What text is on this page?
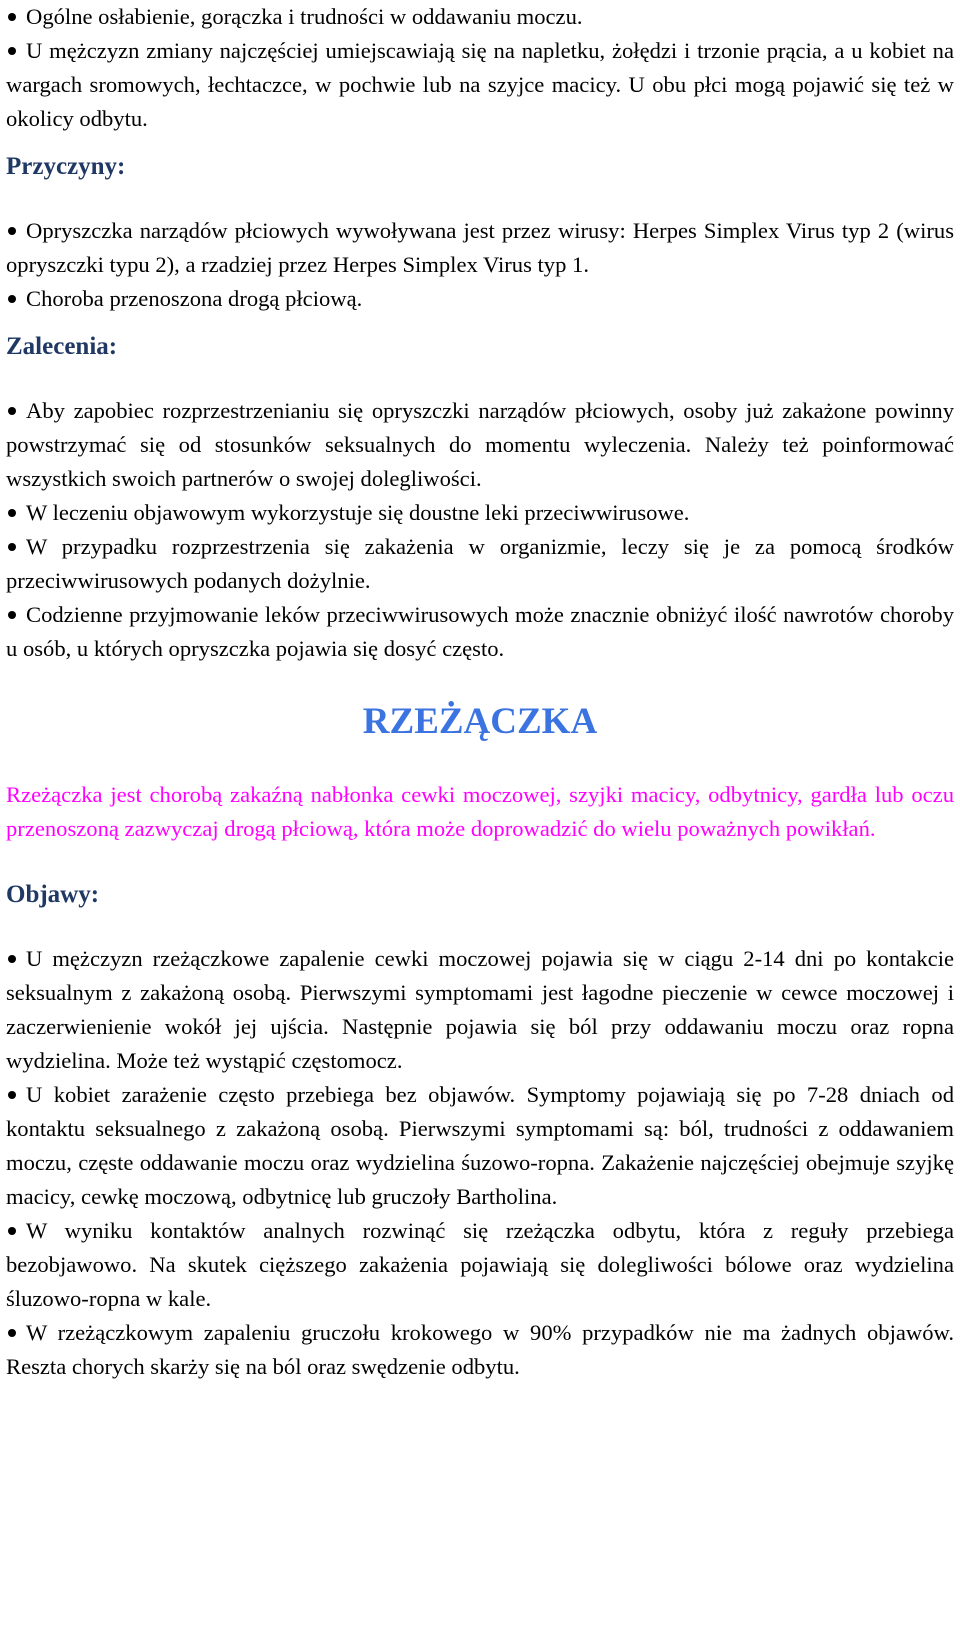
Ogólne osłabienie, gorączka i trudności w oddawaniu moczu.

U mężczyzn zmiany najczęściej umiejscawiają się na napletku, żołędzi i trzonie prącia, a u kobiet na wargach sromowych, łechtaczce, w pochwie lub na szyjce macicy. U obu płci mogą pojawić się też w okolicy odbytu.

Przyczyny:

Opryszczka narządów płciowych wywoływana jest przez wirusy: Herpes Simplex Virus typ 2 (wirus opryszczki typu 2), a rzadziej przez Herpes Simplex Virus typ 1.

Choroba przenoszona drogą płciową.

Zalecenia:

Aby zapobiec rozprzestrzenianiu się opryszczki narządów płciowych, osoby już zakażone powinny powstrzymać się od stosunków seksualnych do momentu wyleczenia. Należy też poinformować wszystkich swoich partnerów o swojej dolegliwości.

W leczeniu objawowym wykorzystuje się doustne leki przeciwwirusowe.

W przypadku rozprzestrzenia się zakażenia w organizmie, leczy się je za pomocą środków przeciwwirusowych podanych dożylnie.

Codzienne przyjmowanie leków przeciwwirusowych może znacznie obniżyć ilość nawrotów choroby u osób, u których opryszczka pojawia się dosyć często.

RZEŻĄCZKA

Rzeżączka jest chorobą zakaźną nabłonka cewki moczowej, szyjki macicy, odbytnicy, gardła lub oczu przenoszoną zazwyczaj drogą płciową, która może doprowadzić do wielu poważnych powikłań.

Objawy:

U mężczyzn rzeżączkowe zapalenie cewki moczowej pojawia się w ciągu 2-14 dni po kontakcie seksualnym z zakażoną osobą. Pierwszymi symptomami jest łagodne pieczenie w cewce moczowej i zaczerwienienie wokół jej ujścia. Następnie pojawia się ból przy oddawaniu moczu oraz ropna wydzielina. Może też wystąpić częstomocz.

U kobiet zarażenie często przebiega bez objawów. Symptomy pojawiają się po 7-28 dniach od kontaktu seksualnego z zakażoną osobą. Pierwszymi symptomami są: ból, trudności z oddawaniem moczu, częste oddawanie moczu oraz wydzielina śuzowo-ropna. Zakażenie najczęściej obejmuje szyjkę macicy, cewkę moczową, odbytnicę lub gruczoły Bartholina.

W wyniku kontaktów analnych rozwinąć się rzeżączka odbytu, która z reguły przebiega bezobjawowo. Na skutek cięższego zakażenia pojawiają się dolegliwości bólowe oraz wydzielina śluzowo-ropna w kale.

W rzeżączkowym zapaleniu gruczołu krokowego w 90% przypadków nie ma żadnych objawów. Reszta chorych skarży się na ból oraz swędzenie odbytu.
